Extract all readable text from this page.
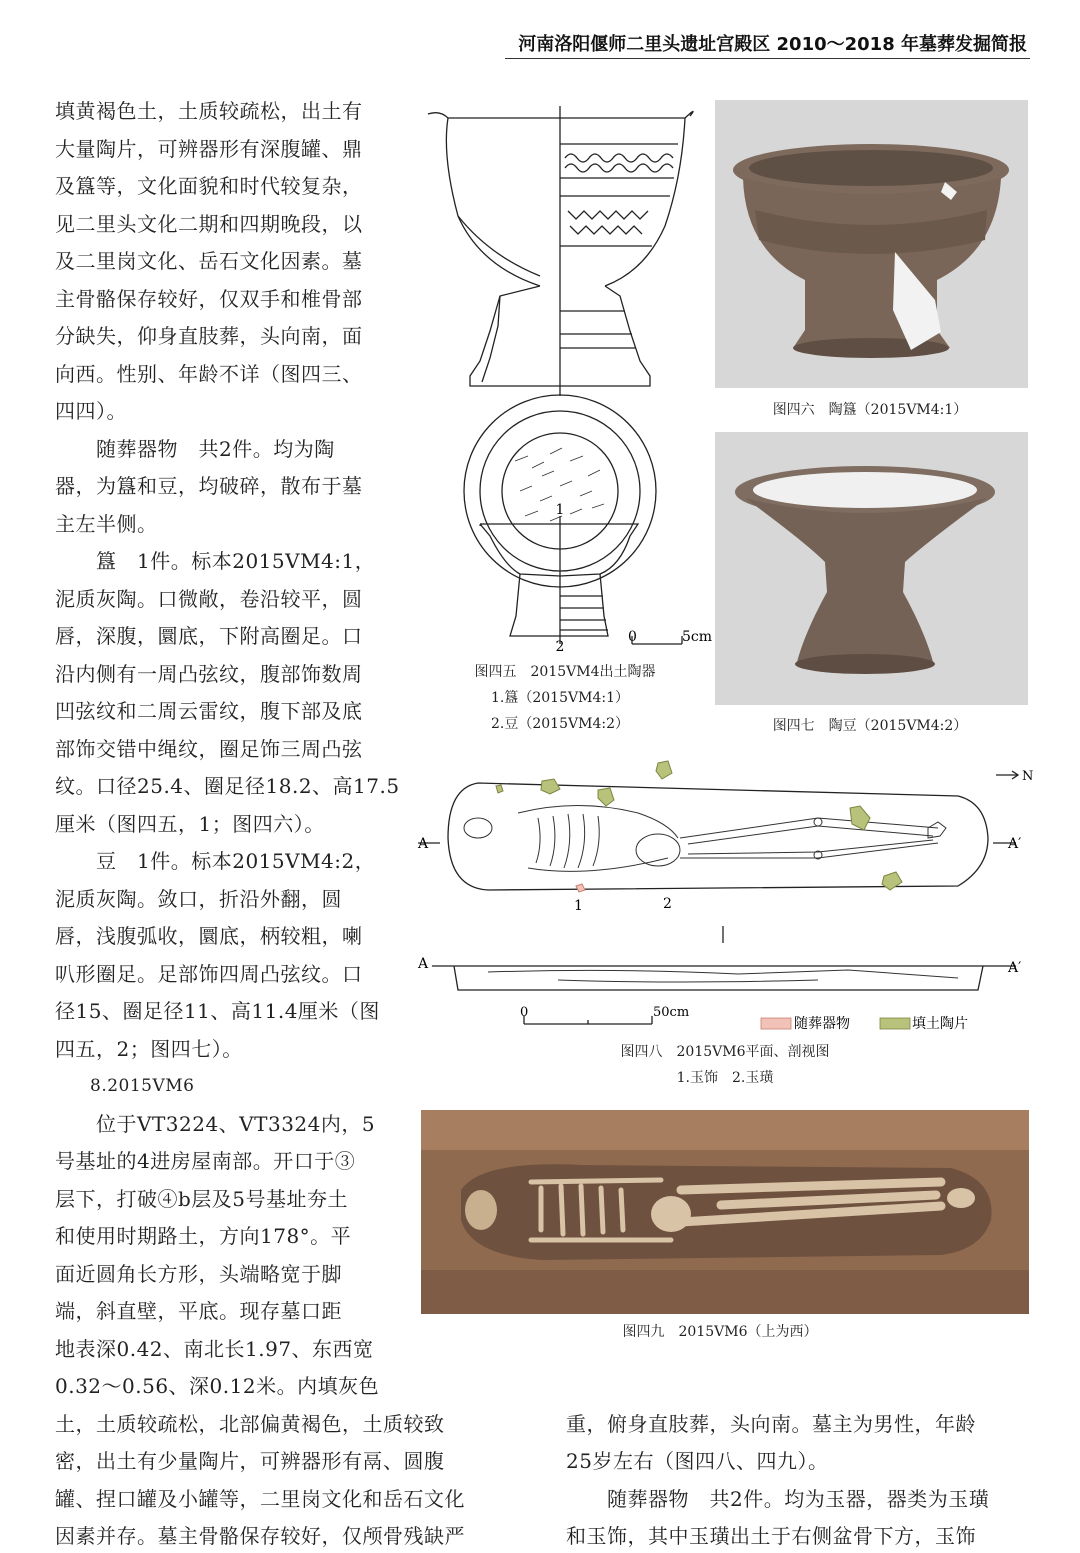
河南洛阳偃师二里头遗址宫殿区 2010～2018 年墓葬发掘简报
填黄褐色土，土质较疏松，出土有
大量陶片，可辨器形有深腹罐、鼎
及簋等，文化面貌和时代较复杂，
见二里头文化二期和四期晚段，以
及二里岗文化、岳石文化因素。墓
主骨骼保存较好，仅双手和椎骨部
分缺失，仰身直肢葬，头向南，面
向西。性别、年龄不详（图四三、
四四）。
　　随葬器物　共2件。均为陶
器，为簋和豆，均破碎，散布于墓
主左半侧。
　　簋　1件。标本2015ⅤM4:1，
泥质灰陶。口微敞，卷沿较平，圆
唇，深腹，圜底，下附高圈足。口
沿内侧有一周凸弦纹，腹部饰数周
凹弦纹和二周云雷纹，腹下部及底
部饰交错中绳纹，圈足饰三周凸弦
纹。口径25.4、圈足径18.2、高17.5
厘米（图四五，1；图四六）。
　　豆　1件。标本2015ⅤM4:2，
泥质灰陶。敛口，折沿外翻，圆
唇，浅腹弧收，圜底，柄较粗，喇
叭形圈足。足部饰四周凸弦纹。口
径15、圈足径11、高11.4厘米（图
四五，2；图四七）。
　　8.2015ⅤM6
　　位于ⅤT3224、ⅤT3324内，5
号基址的4进房屋南部。开口于③
层下，打破④b层及5号基址夯土
和使用时期路土，方向178°。平
面近圆角长方形，头端略宽于脚
端，斜直壁，平底。现存墓口距
地表深0.42、南北长1.97、东西宽
0.32～0.56、深0.12米。内填灰色
土，土质较疏松，北部偏黄褐色，土质较致
密，出土有少量陶片，可辨器形有鬲、圆腹
罐、捏口罐及小罐等，二里岗文化和岳石文化
因素并存。墓主骨骼保存较好，仅颅骨残缺严
重，俯身直肢葬，头向南。墓主为男性，年龄
25岁左右（图四八、四九）。
　　随葬器物　共2件。均为玉器，器类为玉璜
和玉饰，其中玉璜出土于右侧盆骨下方，玉饰
1
2
0	5cm
图四五　2015ⅤM4出土陶器
1.簋（2015ⅤM4:1）
2.豆（2015ⅤM4:2）
图四六　陶簋（2015ⅤM4:1）
图四七　陶豆（2015ⅤM4:2）
N
A	A′
A	A′
1	2
0	50cm
随葬器物	填土陶片
图四八　2015ⅤM6平面、剖视图
1.玉饰　2.玉璜
图四九　2015ⅤM6（上为西）
